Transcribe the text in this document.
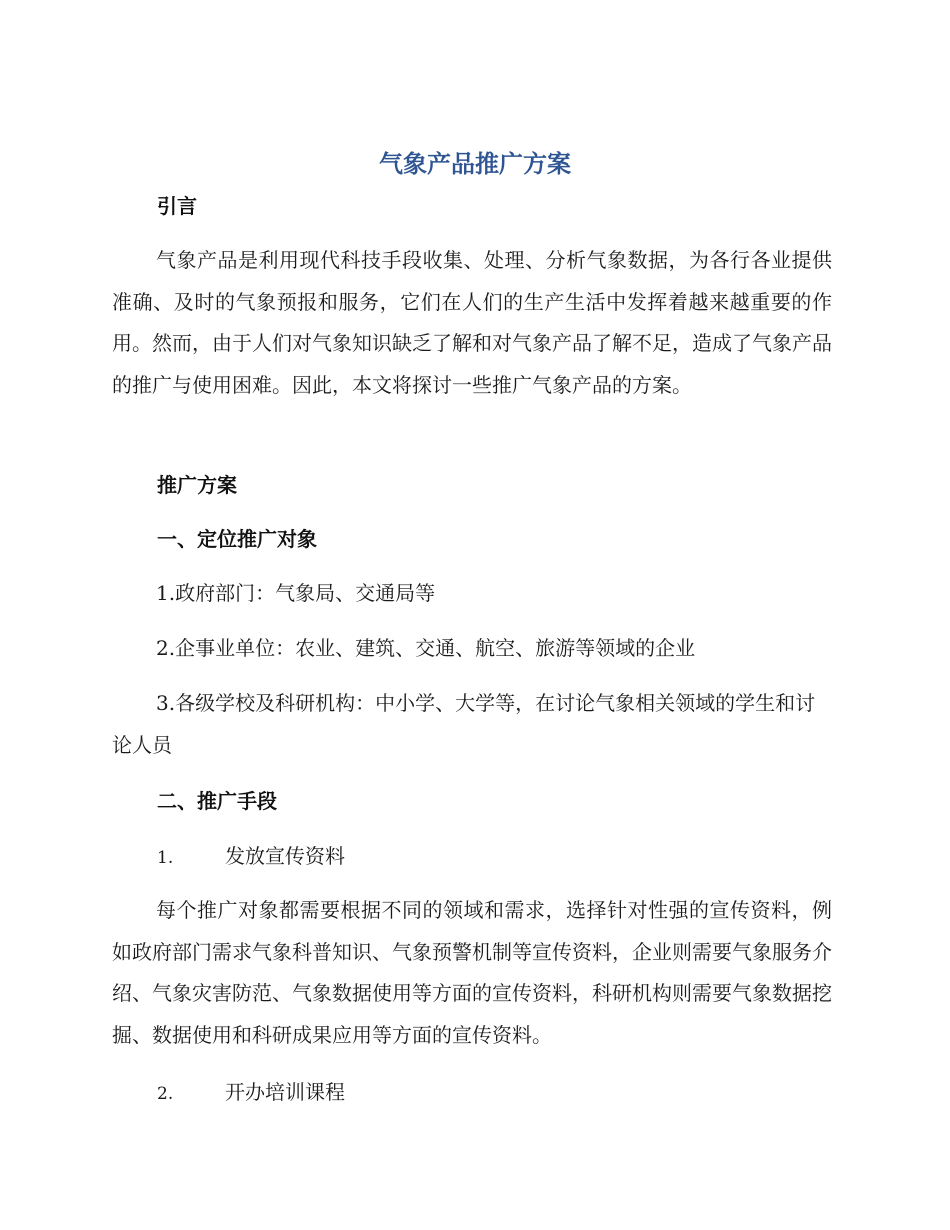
气象产品推广方案
引言
气象产品是利用现代科技手段收集、处理、分析气象数据，为各行各业提供准确、及时的气象预报和服务，它们在人们的生产生活中发挥着越来越重要的作用。然而，由于人们对气象知识缺乏了解和对气象产品了解不足，造成了气象产品的推广与使用困难。因此，本文将探讨一些推广气象产品的方案。
推广方案
一、定位推广对象
1.政府部门：气象局、交通局等
2.企事业单位：农业、建筑、交通、航空、旅游等领域的企业
3.各级学校及科研机构：中小学、大学等，在讨论气象相关领域的学生和讨论人员
二、推广手段
1.	发放宣传资料
每个推广对象都需要根据不同的领域和需求，选择针对性强的宣传资料，例如政府部门需求气象科普知识、气象预警机制等宣传资料，企业则需要气象服务介绍、气象灾害防范、气象数据使用等方面的宣传资料，科研机构则需要气象数据挖掘、数据使用和科研成果应用等方面的宣传资料。
2.	开办培训课程
